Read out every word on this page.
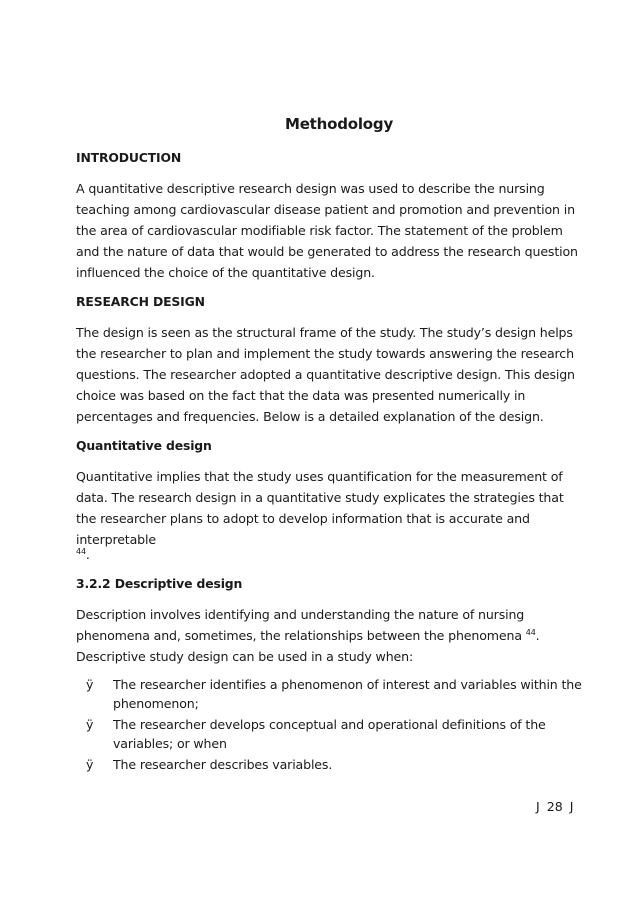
Methodology
INTRODUCTION

A quantitative descriptive research design was used to describe the nursing teaching among cardiovascular disease patient and promotion and prevention in the area of cardiovascular modifiable risk factor. The statement of the problem and the nature of data that would be generated to address the research question influenced the choice of the quantitative design.

RESEARCH DESIGN

The design is seen as the structural frame of the study. The study’s design helps the researcher to plan and implement the study towards answering the research questions. The researcher adopted a quantitative descriptive design. This design choice was based on the fact that the data was presented numerically in percentages and frequencies. Below is a detailed explanation of the design.

Quantitative design

Quantitative implies that the study uses quantification for the measurement of data. The research design in a quantitative study explicates the strategies that the researcher plans to adopt to develop information that is accurate and interpretable

$^{44}$.
3.2.2 Descriptive design

Description involves identifying and understanding the nature of nursing phenomena and, sometimes, the relationships between the phenomena $^{44}$. Descriptive study design can be used in a study when:

ÿ The researcher identifies a phenomenon of interest and variables within the phenomenon;
ÿ The researcher develops conceptual and operational definitions of the variables; or when
ÿ The researcher describes variables.
J 28 J
